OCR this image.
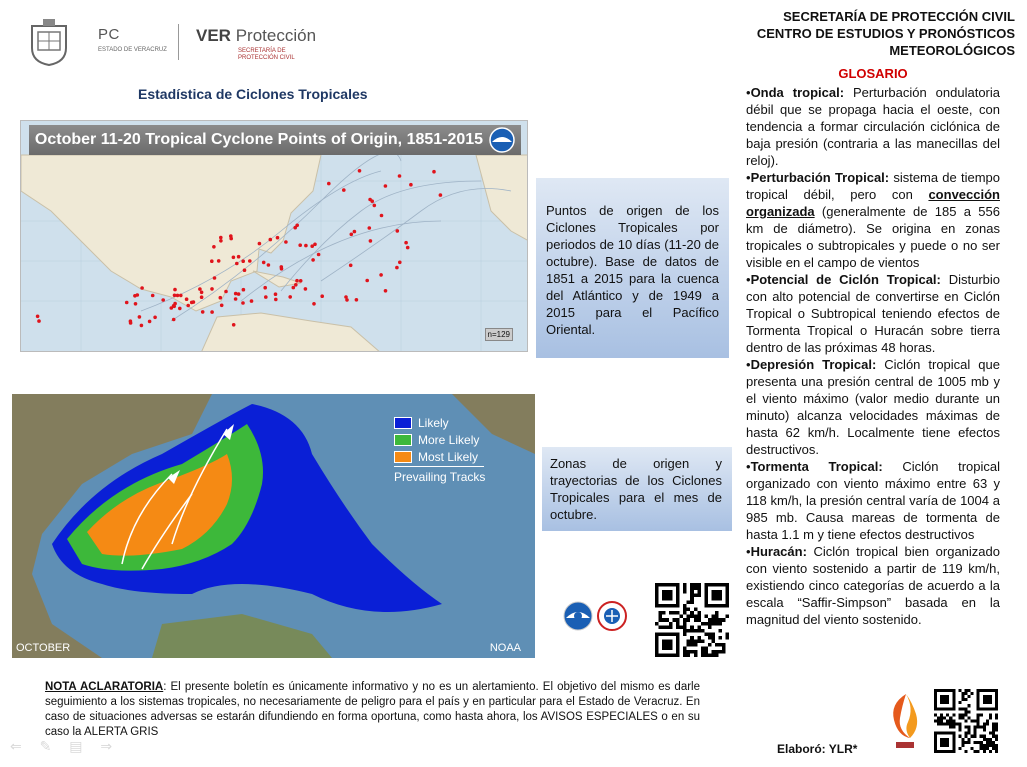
PC
ESTADO DE VERACRUZ
VER Protección
SECRETARÍA DE
PROTECCIÓN CIVIL
SECRETARÍA DE PROTECCIÓN CIVIL
CENTRO DE ESTUDIOS Y PRONÓSTICOS
METEOROLÓGICOS
Estadística de Ciclones Tropicales
October 11-20 Tropical Cyclone Points of Origin, 1851-2015
n=129
Puntos de origen de los Ciclones Tropicales por periodos de 10 días (11-20 de octubre). Base de datos de 1851 a 2015 para la cuenca del Atlántico y de 1949 a 2015 para el Pacífico Oriental.
Likely
More Likely
Most Likely
Prevailing Tracks
OCTOBER	NOAA
Zonas de origen y trayectorias de los Ciclones Tropicales para el mes de octubre.
GLOSARIO

•Onda tropical: Perturbación ondulatoria débil que se propaga hacia el oeste, con tendencia a formar circulación ciclónica de baja presión (contraria a las manecillas del reloj).

•Perturbación Tropical: sistema de tiempo tropical débil, pero con convección organizada (generalmente de 185 a 556 km de diámetro). Se origina en zonas tropicales o subtropicales y puede o no ser visible en el campo de vientos

•Potencial de Ciclón Tropical: Disturbio con alto potencial de convertirse en Ciclón Tropical o Subtropical teniendo efectos de Tormenta Tropical o Huracán sobre tierra dentro de las próximas 48 horas.

•Depresión Tropical: Ciclón tropical que presenta una presión central de 1005 mb y el viento máximo (valor medio durante un minuto) alcanza velocidades máximas de hasta 62 km/h. Localmente tiene efectos destructivos.

•Tormenta Tropical: Ciclón tropical organizado con viento máximo entre 63 y 118 km/h, la presión central varía de 1004 a 985 mb. Causa mareas de tormenta de hasta 1.1 m y tiene efectos destructivos

•Huracán: Ciclón tropical bien organizado con viento sostenido a partir de 119 km/h, existiendo cinco categorías de acuerdo a la escala “Saffir-Simpson” basada en la magnitud del viento sostenido.

NOTA ACLARATORIA: El presente boletín es únicamente informativo y no es un alertamiento. El objetivo del mismo es darle seguimiento a los sistemas tropicales, no necesariamente de peligro para el país y en particular para el Estado de Veracruz. En caso de situaciones adversas se estarán difundiendo en forma oportuna, como hasta ahora, los AVISOS ESPECIALES o en su caso la ALERTA GRIS
Elaboró: YLR*
⇐ ✎ ▤ ⇒
